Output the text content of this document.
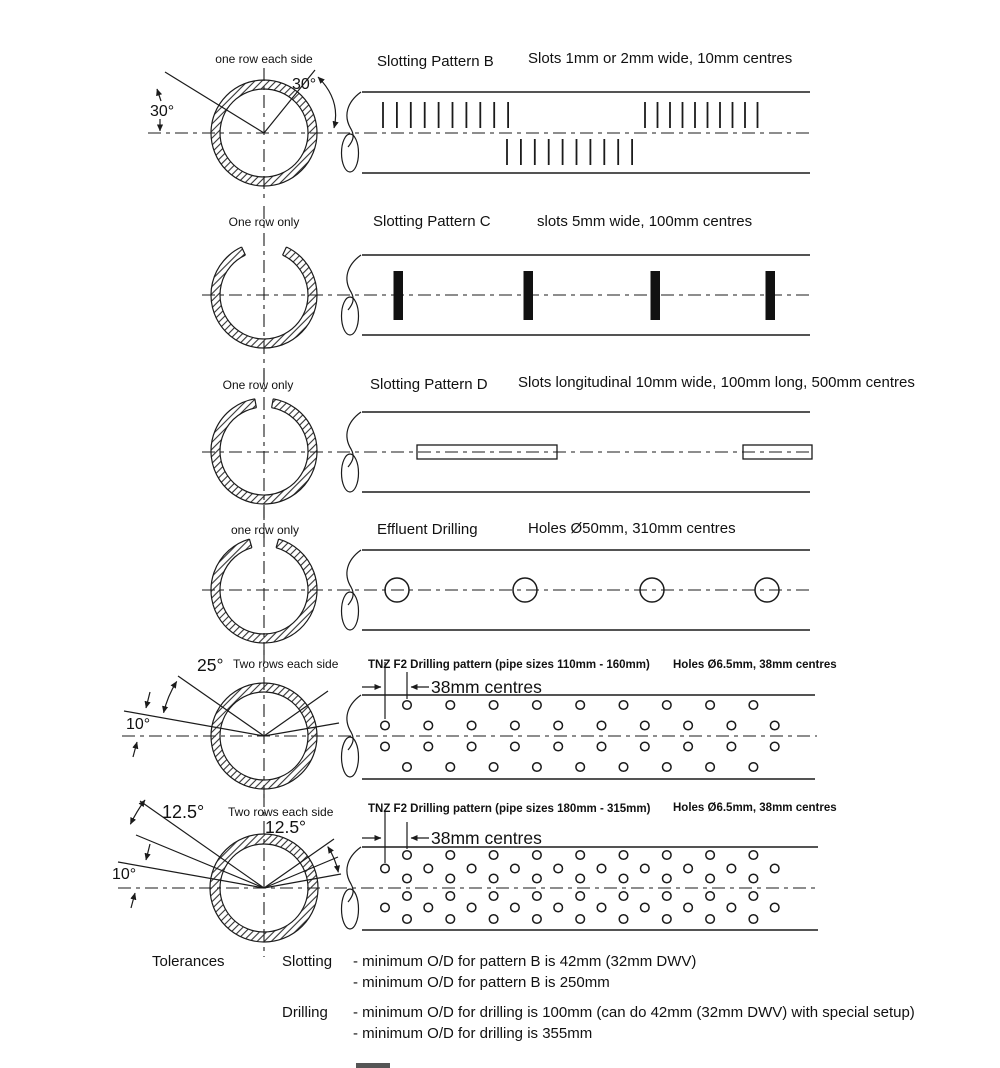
one row each side
30°
30°
Slotting Pattern B Slots 1mm or 2mm wide, 10mm centres
One row only	Slotting Pattern C	slots 5mm wide, 100mm centres
One row only	Slotting Pattern D Slots longitudinal 10mm wide, 100mm long, 500mm centres
one row only	Effluent Drilling	Holes Ø50mm, 310mm centres
25° Two rows each side
10°
TNZ F2 Drilling pattern (pipe sizes 110mm - 160mm) Holes Ø6.5mm, 38mm centres
38mm centres
12.5° Two rows each side
12.5°
10°
TNZ F2 Drilling pattern (pipe sizes 180mm - 315mm) Holes Ø6.5mm, 38mm centres
38mm centres
Tolerances	Slotting - minimum O/D for pattern B is 42mm (32mm DWV)
- minimum O/D for pattern B is 250mm
Drilling - minimum O/D for drilling is 100mm (can do 42mm (32mm DWV) with special setup)
- minimum O/D for drilling is 355mm
